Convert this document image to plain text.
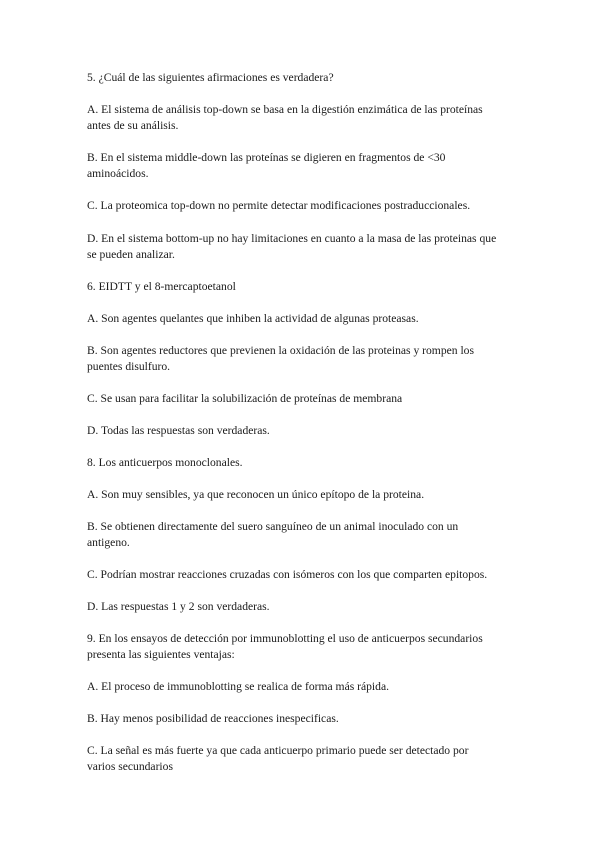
5. ¿Cuál de las siguientes afirmaciones es verdadera?

A. El sistema de análisis top-down se basa en la digestión enzimática de las proteínas
antes de su análisis.

B. En el sistema middle-down las proteínas se digieren en fragmentos de <30
aminoácidos.

C. La proteomica top-down no permite detectar modificaciones postraduccionales.

D. En el sistema bottom-up no hay limitaciones en cuanto a la masa de las proteinas que
se pueden analizar.

6. EIDTT y el 8-mercaptoetanol

A. Son agentes quelantes que inhiben la actividad de algunas proteasas.

B. Son agentes reductores que previenen la oxidación de las proteinas y rompen los
puentes disulfuro.

C. Se usan para facilitar la solubilización de proteínas de membrana

D. Todas las respuestas son verdaderas.

8. Los anticuerpos monoclonales.

A. Son muy sensibles, ya que reconocen un único epítopo de la proteina.

B. Se obtienen directamente del suero sanguíneo de un animal inoculado con un
antigeno.

C. Podrían mostrar reacciones cruzadas con isómeros con los que comparten epitopos.

D. Las respuestas 1 y 2 son verdaderas.

9. En los ensayos de detección por immunoblotting el uso de anticuerpos secundarios
presenta las siguientes ventajas:

A. El proceso de immunoblotting se realica de forma más rápida.

B. Hay menos posibilidad de reacciones inespecificas.

C. La señal es más fuerte ya que cada anticuerpo primario puede ser detectado por
varios secundarios
